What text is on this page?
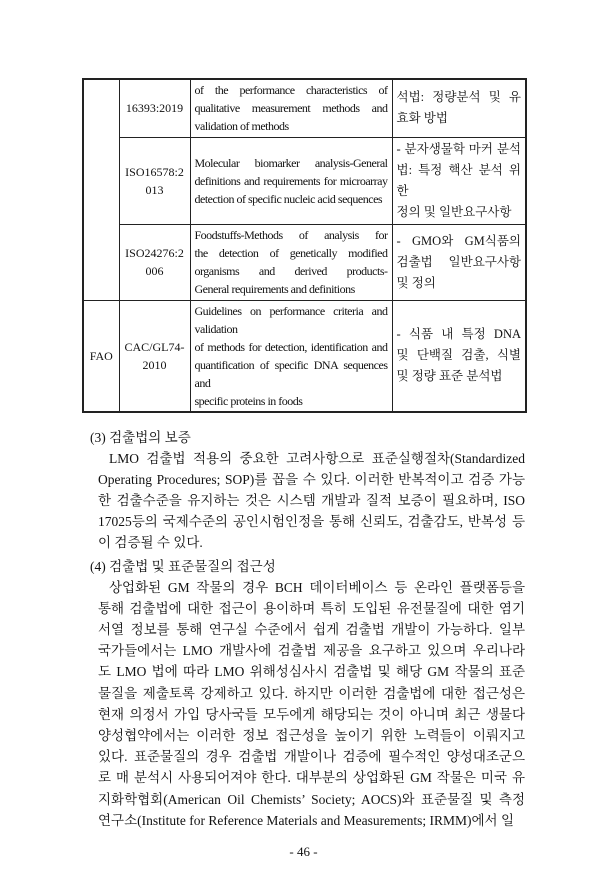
	16393:2019	of the performance characteristics of
qualitative measurement methods and
validation of methods	석법: 정량분석 및 유
효화 방법

	ISO16578:2013	Molecular biomarker analysis-General
definitions and requirements for microarray
detection of specific nucleic acid sequences	- 분자생물학 마커 분석
법: 특정 핵산 분석 위한
정의 및 일반요구사항

	ISO24276:2006	Foodstuffs-Methods of analysis for
the detection of genetically modified
organisms and derived products-
General requirements and definitions	- GMO와 GM식품의
검출법 일반요구사항
및 정의

FAO	CAC/GL74-2010	Guidelines on performance criteria and validation
of methods for detection, identification and
quantification of specific DNA sequences and
specific proteins in foods	- 식품 내 특정 DNA
및 단백질 검출, 식별
및 정량 표준 분석법
(3) 검출법의 보증
LMO 검출법 적용의 중요한 고려사항으로 표준실행절차(Standardized
Operating Procedures; SOP)를 꼽을 수 있다. 이러한 반복적이고 검증 가능
한 검출수준을 유지하는 것은 시스템 개발과 질적 보증이 필요하며, ISO
17025등의 국제수준의 공인시험인정을 통해 신뢰도, 검출감도, 반복성 등
이 검증될 수 있다.
(4) 검출법 및 표준물질의 접근성
상업화된 GM 작물의 경우 BCH 데이터베이스 등 온라인 플랫폼등을
통해 검출법에 대한 접근이 용이하며 특히 도입된 유전물질에 대한 염기
서열 정보를 통해 연구실 수준에서 쉽게 검출법 개발이 가능하다. 일부
국가들에서는 LMO 개발사에 검출법 제공을 요구하고 있으며 우리나라
도 LMO 법에 따라 LMO 위해성심사시 검출법 및 해당 GM 작물의 표준
물질을 제출토록 강제하고 있다. 하지만 이러한 검출법에 대한 접근성은
현재 의정서 가입 당사국들 모두에게 해당되는 것이 아니며 최근 생물다
양성협약에서는 이러한 정보 접근성을 높이기 위한 노력들이 이뤄지고
있다. 표준물질의 경우 검출법 개발이나 검증에 필수적인 양성대조군으
로 매 분석시 사용되어져야 한다. 대부분의 상업화된 GM 작물은 미국 유
지화학협회(American Oil Chemists’ Society; AOCS)와 표준물질 및 측정
연구소(Institute for Reference Materials and Measurements; IRMM)에서 일
- 46 -
